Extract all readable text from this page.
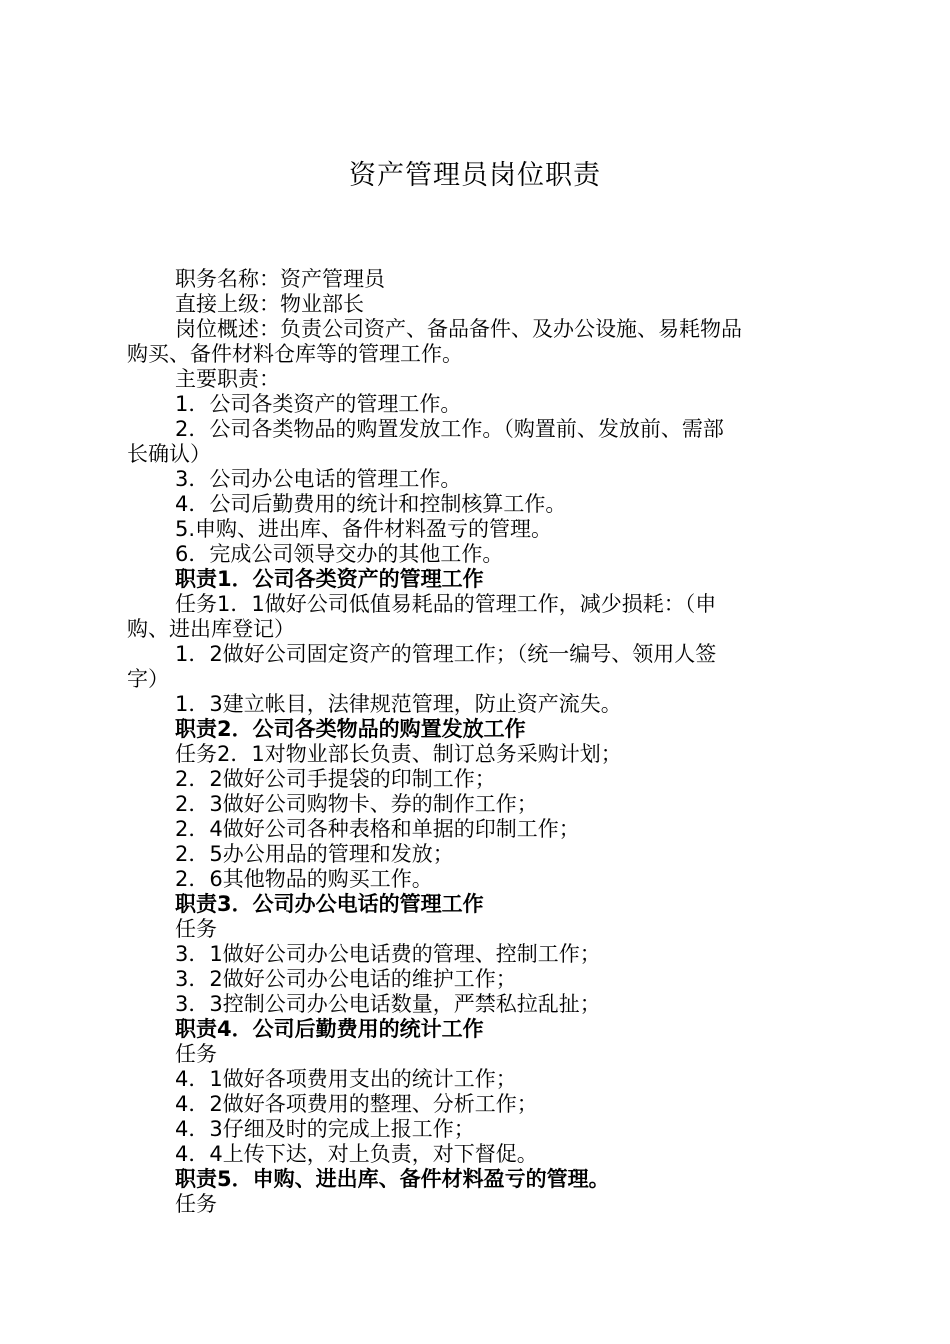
资产管理员岗位职责
职务名称：资产管理员
直接上级：物业部长
岗位概述：负责公司资产、备品备件、及办公设施、易耗物品
购买、备件材料仓库等的管理工作。
主要职责：
1．公司各类资产的管理工作。
2．公司各类物品的购置发放工作。（购置前、发放前、需部
长确认）
3．公司办公电话的管理工作。
4．公司后勤费用的统计和控制核算工作。
5.申购、进出库、备件材料盈亏的管理。
6．完成公司领导交办的其他工作。
职责1．公司各类资产的管理工作
任务1．1做好公司低值易耗品的管理工作，减少损耗：（申
购、进出库登记）
1．2做好公司固定资产的管理工作；（统一编号、领用人签
字）
1．3建立帐目，法律规范管理，防止资产流失。
职责2．公司各类物品的购置发放工作
任务2．1对物业部长负责、制订总务采购计划；
2．2做好公司手提袋的印制工作；
2．3做好公司购物卡、券的制作工作；
2．4做好公司各种表格和单据的印制工作；
2．5办公用品的管理和发放；
2．6其他物品的购买工作。
职责3．公司办公电话的管理工作
任务
3．1做好公司办公电话费的管理、控制工作；
3．2做好公司办公电话的维护工作；
3．3控制公司办公电话数量，严禁私拉乱扯；
职责4．公司后勤费用的统计工作
任务
4．1做好各项费用支出的统计工作；
4．2做好各项费用的整理、分析工作；
4．3仔细及时的完成上报工作；
4．4上传下达，对上负责，对下督促。
职责5．申购、进出库、备件材料盈亏的管理。
任务
